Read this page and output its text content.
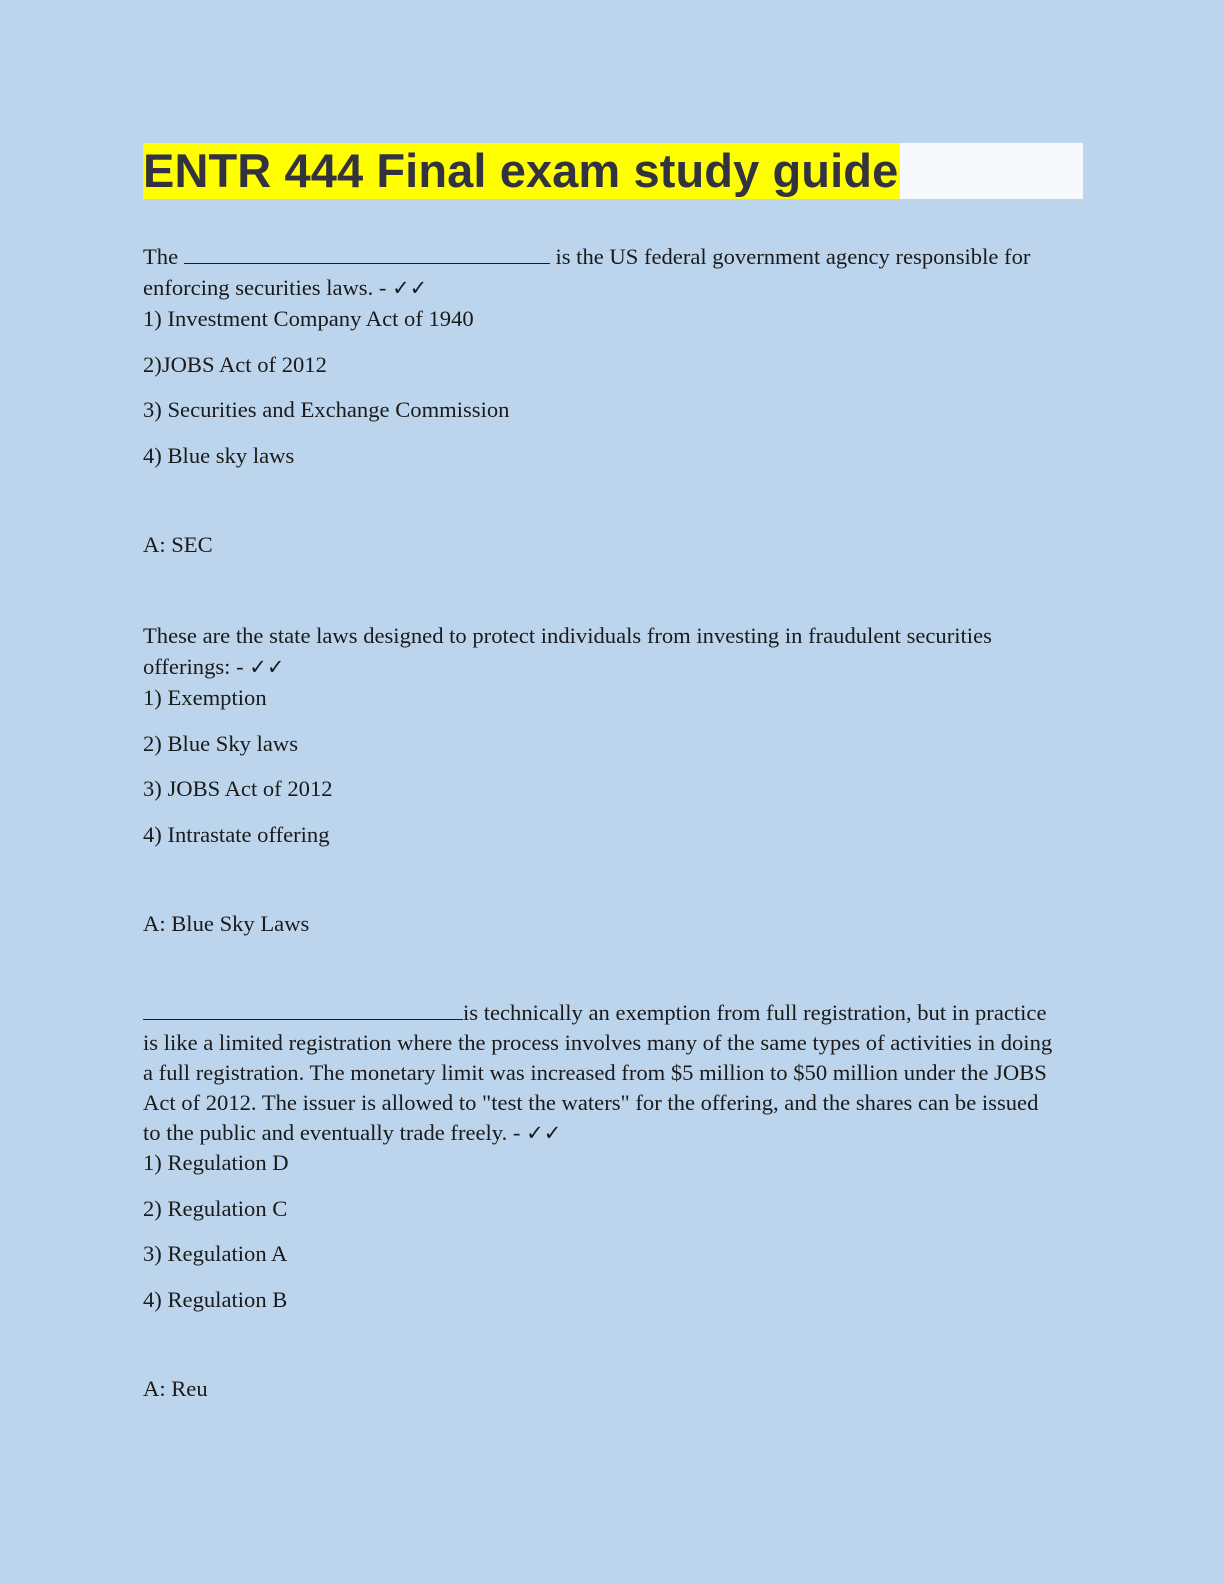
ENTR 444 Final exam study guide

The	is the US federal government agency responsible for enforcing securities laws. - ✓✓

1) Investment Company Act of 1940

2)JOBS Act of 2012

3) Securities and Exchange Commission

4) Blue sky laws

A: SEC

These are the state laws designed to protect individuals from investing in fraudulent securities offerings: - ✓✓

1) Exemption

2) Blue Sky laws

3) JOBS Act of 2012

4) Intrastate offering

A: Blue Sky Laws

is technically an exemption from full registration, but in practice is like a limited registration where the process involves many of the same types of activities in doing a full registration. The monetary limit was increased from $5 million to $50 million under the JOBS Act of 2012. The issuer is allowed to "test the waters" for the offering, and the shares can be issued to the public and eventually trade freely. - ✓✓

1) Regulation D

2) Regulation C

3) Regulation A

4) Regulation B

A: Reu
